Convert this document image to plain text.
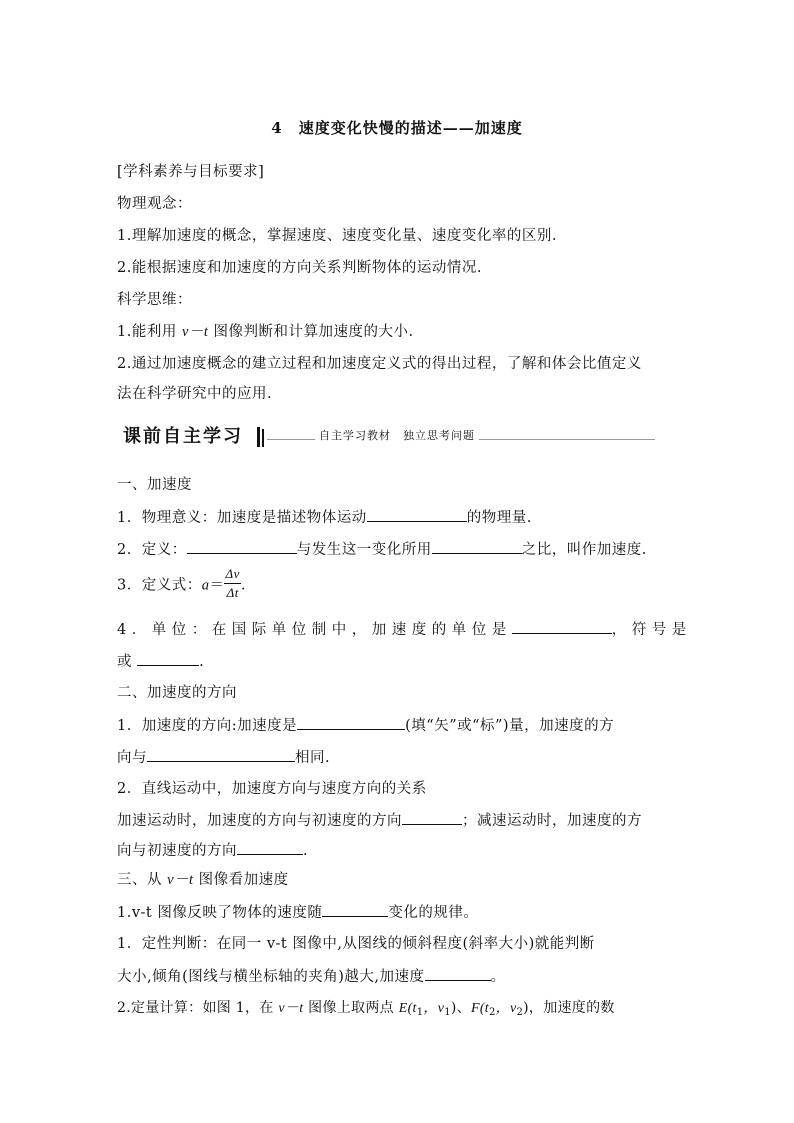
4　速度变化快慢的描述——加速度
[学科素养与目标要求]
物理观念：
1.理解加速度的概念，掌握速度、速度变化量、速度变化率的区别.
2.能根据速度和加速度的方向关系判断物体的运动情况.
科学思维：
1.能利用 v－t 图像判断和计算加速度的大小.
2.通过加速度概念的建立过程和加速度定义式的得出过程，了解和体会比值定义
法在科学研究中的应用.
课前自主学习	自主学习教材　独立思考问题
一、加速度
1．物理意义：加速度是描述物体运动	的物理量.
2．定义：	与发生这一变化所用	之比，叫作加速度.
3．定义式：$a= \frac{\Delta v}{\Delta t}$ .
4．单位：在国际单位制中，加速度的单位是	，符号是
或	.
二、加速度的方向
1．加速度的方向:加速度是	(填“矢”或“标”)量，加速度的方
向与	相同.
2．直线运动中，加速度方向与速度方向的关系
加速运动时，加速度的方向与初速度的方向	；减速运动时，加速度的方
向与初速度的方向	.
三、从 v－t 图像看加速度
1.v-t 图像反映了物体的速度随	变化的规律。
1．定性判断：在同一 v-t 图像中,从图线的倾斜程度(斜率大小)就能判断
大小,倾角(图线与横坐标轴的夹角)越大,加速度	。
2.定量计算：如图 1，在 v－t 图像上取两点 $E(t_1$，$v_1$)、$F(t_2$，$v_2$)，加速度的数
